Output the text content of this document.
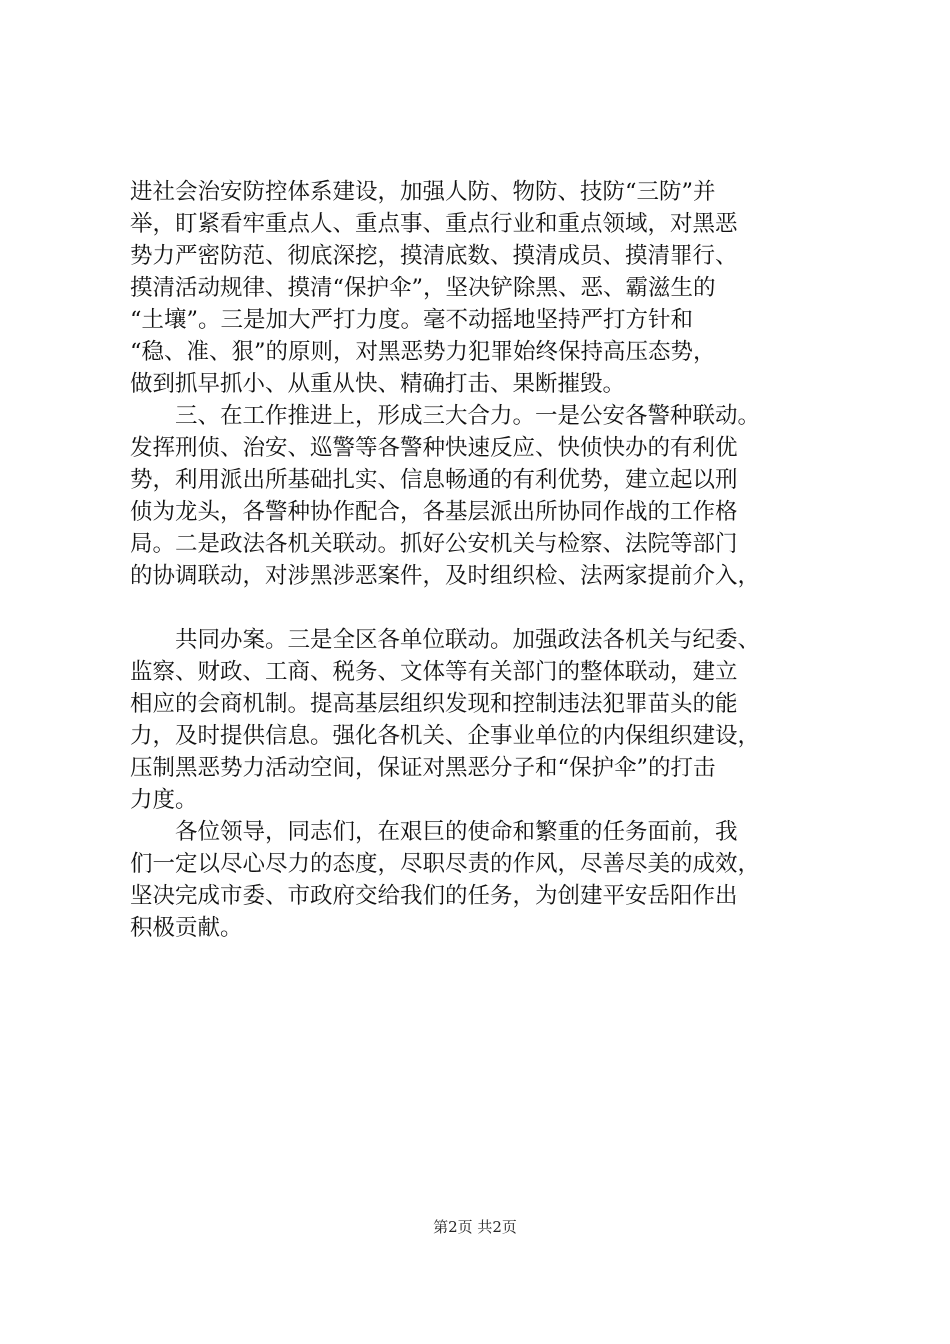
进社会治安防控体系建设，加强人防、物防、技防“三防”并
举，盯紧看牢重点人、重点事、重点行业和重点领域，对黑恶
势力严密防范、彻底深挖，摸清底数、摸清成员、摸清罪行、
摸清活动规律、摸清“保护伞”，坚决铲除黑、恶、霸滋生的
“土壤”。三是加大严打力度。毫不动摇地坚持严打方针和
“稳、准、狠”的原则，对黑恶势力犯罪始终保持高压态势，
做到抓早抓小、从重从快、精确打击、果断摧毁。
　　三、在工作推进上，形成三大合力。一是公安各警种联动。
发挥刑侦、治安、巡警等各警种快速反应、快侦快办的有利优
势，利用派出所基础扎实、信息畅通的有利优势，建立起以刑
侦为龙头，各警种协作配合，各基层派出所协同作战的工作格
局。二是政法各机关联动。抓好公安机关与检察、法院等部门
的协调联动，对涉黑涉恶案件，及时组织检、法两家提前介入，
　　共同办案。三是全区各单位联动。加强政法各机关与纪委、
监察、财政、工商、税务、文体等有关部门的整体联动，建立
相应的会商机制。提高基层组织发现和控制违法犯罪苗头的能
力，及时提供信息。强化各机关、企事业单位的内保组织建设，
压制黑恶势力活动空间，保证对黑恶分子和“保护伞”的打击
力度。
　　各位领导，同志们，在艰巨的使命和繁重的任务面前，我
们一定以尽心尽力的态度，尽职尽责的作风，尽善尽美的成效，
坚决完成市委、市政府交给我们的任务，为创建平安岳阳作出
积极贡献。
第2页 共2页
